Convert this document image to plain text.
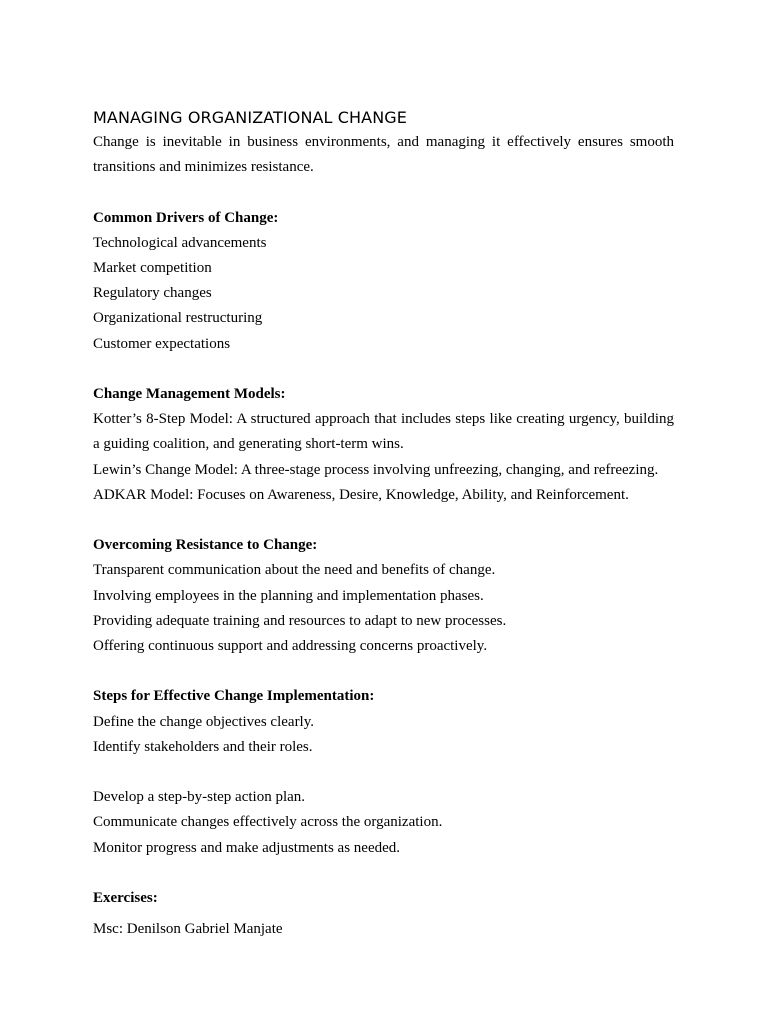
MANAGING ORGANIZATIONAL CHANGE

Change is inevitable in business environments, and managing it effectively ensures smooth transitions and minimizes resistance.

Common Drivers of Change:

Technological advancements

Market competition

Regulatory changes

Organizational restructuring

Customer expectations

Change Management Models:

Kotter’s 8-Step Model: A structured approach that includes steps like creating urgency, building a guiding coalition, and generating short-term wins.

Lewin’s Change Model: A three-stage process involving unfreezing, changing, and refreezing.

ADKAR Model: Focuses on Awareness, Desire, Knowledge, Ability, and Reinforcement.

Overcoming Resistance to Change:

Transparent communication about the need and benefits of change.

Involving employees in the planning and implementation phases.

Providing adequate training and resources to adapt to new processes.

Offering continuous support and addressing concerns proactively.

Steps for Effective Change Implementation:

Define the change objectives clearly.

Identify stakeholders and their roles.

Develop a step-by-step action plan.

Communicate changes effectively across the organization.

Monitor progress and make adjustments as needed.

Exercises:

Msc: Denilson Gabriel Manjate
